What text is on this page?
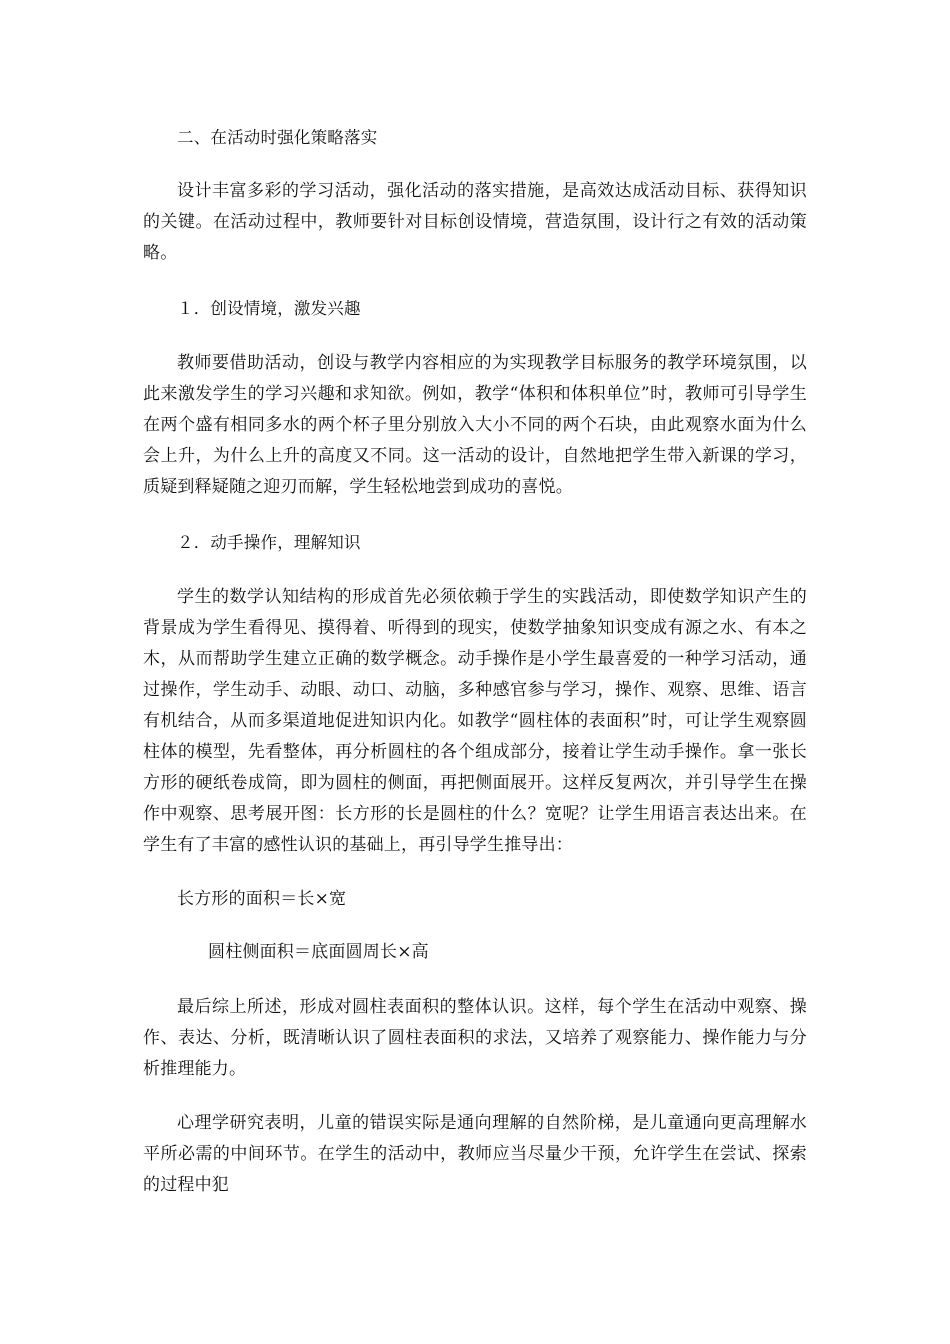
二、在活动时强化策略落实

设计丰富多彩的学习活动，强化活动的落实措施，是高效达成活动目标、获得知识的关键。在活动过程中，教师要针对目标创设情境，营造氛围，设计行之有效的活动策略。

１．创设情境，激发兴趣

教师要借助活动，创设与教学内容相应的为实现教学目标服务的教学环境氛围，以此来激发学生的学习兴趣和求知欲。例如，教学“体积和体积单位”时，教师可引导学生在两个盛有相同多水的两个杯子里分别放入大小不同的两个石块，由此观察水面为什么会上升，为什么上升的高度又不同。这一活动的设计，自然地把学生带入新课的学习，质疑到释疑随之迎刃而解，学生轻松地尝到成功的喜悦。

２．动手操作，理解知识

学生的数学认知结构的形成首先必须依赖于学生的实践活动，即使数学知识产生的背景成为学生看得见、摸得着、听得到的现实，使数学抽象知识变成有源之水、有本之木，从而帮助学生建立正确的数学概念。动手操作是小学生最喜爱的一种学习活动，通过操作，学生动手、动眼、动口、动脑，多种感官参与学习，操作、观察、思维、语言有机结合，从而多渠道地促进知识内化。如教学“圆柱体的表面积”时，可让学生观察圆柱体的模型，先看整体，再分析圆柱的各个组成部分，接着让学生动手操作。拿一张长方形的硬纸卷成筒，即为圆柱的侧面，再把侧面展开。这样反复两次，并引导学生在操作中观察、思考展开图：长方形的长是圆柱的什么？宽呢？让学生用语言表达出来。在学生有了丰富的感性认识的基础上，再引导学生推导出：

长方形的面积＝长×宽

圆柱侧面积＝底面圆周长×高

最后综上所述，形成对圆柱表面积的整体认识。这样，每个学生在活动中观察、操作、表达、分析，既清晰认识了圆柱表面积的求法，又培养了观察能力、操作能力与分析推理能力。

心理学研究表明，儿童的错误实际是通向理解的自然阶梯，是儿童通向更高理解水平所必需的中间环节。在学生的活动中，教师应当尽量少干预，允许学生在尝试、探索的过程中犯
